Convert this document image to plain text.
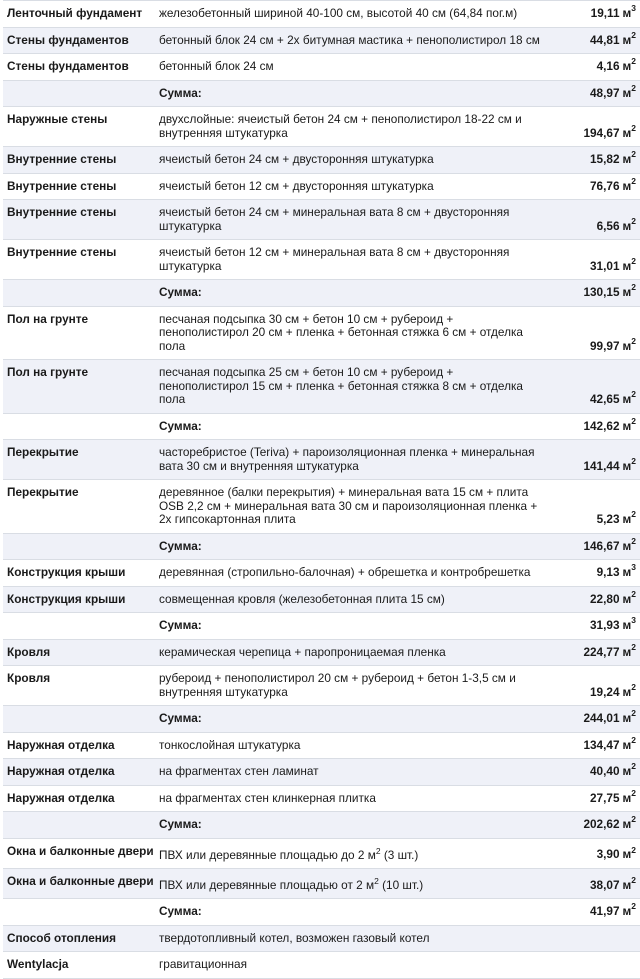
Ленточный фундамент	железобетонный шириной 40-100 см, высотой 40 см (64,84 пог.м)	19,11 $м^3$
Стены фундаментов	бетонный блок 24 см + 2х битумная мастика + пенополистирол 18 см	44,81 $м^2$
Стены фундаментов	бетонный блок 24 см	4,16 $м^2$
	Сумма:	48,97 $м^2$
Наружные стены	двухслойные: ячеистый бетон 24 см + пенополистирол 18-22 см и внутренняя штукатурка	194,67 $м^2$
Внутренние стены	ячеистый бетон 24 см + двусторонняя штукатурка	15,82 $м^2$
Внутренние стены	ячеистый бетон 12 см + двусторонняя штукатурка	76,76 $м^2$
Внутренние стены	ячеистый бетон 24 см + минеральная вата 8 см + двусторонняя штукатурка	6,56 $м^2$
Внутренние стены	ячеистый бетон 12 см + минеральная вата 8 см + двусторонняя штукатурка	31,01 $м^2$
	Сумма:	130,15 $м^2$
Пол на грунте	песчаная подсыпка 30 см + бетон 10 см + рубероид + пенополистирол 20 см + пленка + бетонная стяжка 6 см + отделка пола	99,97 $м^2$
Пол на грунте	песчаная подсыпка 25 см + бетон 10 см + рубероид + пенополистирол 15 см + пленка + бетонная стяжка 8 см + отделка пола	42,65 $м^2$
	Сумма:	142,62 $м^2$
Перекрытие	часторебристое (Teriva) + пароизоляционная пленка + минеральная вата 30 см и внутренняя штукатурка	141,44 $м^2$
Перекрытие	деревянное (балки перекрытия) + минеральная вата 15 см + плита OSB 2,2 см + минеральная вата 30 см и пароизоляционная пленка + 2х гипсокартонная плита	5,23 $м^2$
	Сумма:	146,67 $м^2$
Конструкция крыши	деревянная (стропильно-балочная) + обрешетка и контробрешетка	9,13 $м^3$
Конструкция крыши	совмещенная кровля (железобетонная плита 15 см)	22,80 $м^2$
	Сумма:	31,93 $м^3$
Кровля	керамическая черепица + паропроницаемая пленка	224,77 $м^2$
Кровля	рубероид + пенополистирол 20 см + рубероид + бетон 1-3,5 см и внутренняя штукатурка	19,24 $м^2$
	Сумма:	244,01 $м^2$
Наружная отделка	тонкослойная штукатурка	134,47 $м^2$
Наружная отделка	на фрагментах стен ламинат	40,40 $м^2$
Наружная отделка	на фрагментах стен клинкерная плитка	27,75 $м^2$
	Сумма:	202,62 $м^2$
Окна и балконные двери	ПВХ или деревянные площадью до 2 $м^2$ (3 шт.)	3,90 $м^2$
Окна и балконные двери	ПВХ или деревянные площадью от 2 $м^2$ (10 шт.)	38,07 $м^2$
	Сумма:	41,97 $м^2$
Способ отопления	твердотопливный котел, возможен газовый котел	
Wentylacja	гравитационная	
